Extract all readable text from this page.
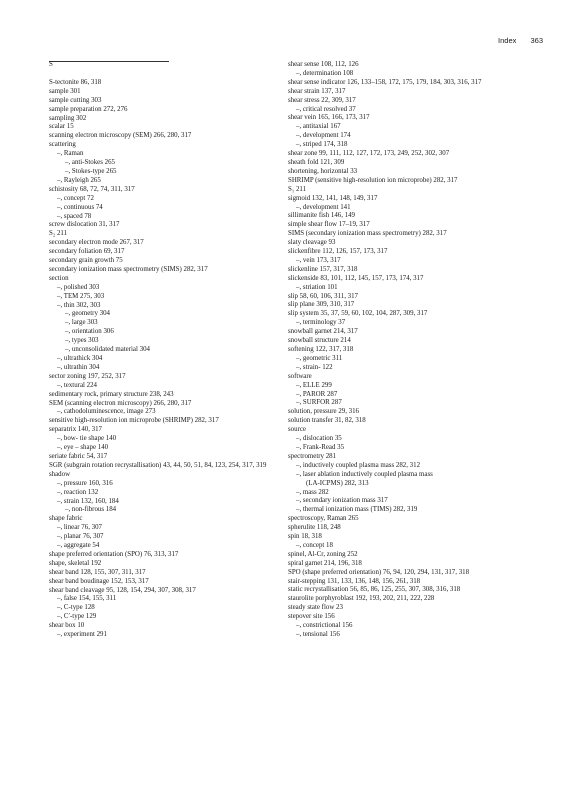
Index 363
S
S-tectonite 86, 318
sample 301
sample cutting 303
sample preparation 272, 276
sampling 302
scalar 15
scanning electron microscopy (SEM) 266, 280, 317
scattering
–, Raman
–, anti-Stokes 265
–, Stokes-type 265
–, Rayleigh 265
schistosity 68, 72, 74, 311, 317
–, concept 72
–, continuous 74
–, spaced 78
screw dislocation 31, 317
S₂ 211
secondary electron mode 267, 317
secondary foliation 69, 317
secondary grain growth 75
secondary ionization mass spectrometry (SIMS) 282, 317
section
–, polished 303
–, TEM 275, 303
–, thin 302, 303
–, geometry 304
–, large 303
–, orientation 306
–, types 303
–, unconsolidated material 304
–, ultrathick 304
–, ultrathin 304
sector zoning 197, 252, 317
–, textural 224
sedimentary rock, primary structure 238, 243
SEM (scanning electron microscopy) 266, 280, 317
–, cathodoluminescence, image 273
sensitive high-resolution ion microprobe (SHRIMP) 282, 317
separatrix 140, 317
–, bow- tie shape 140
–, eye – shape 140
seriate fabric 54, 317
SGR (subgrain rotation recrystallisation) 43, 44, 50, 51, 84, 123, 254, 317, 319
shadow
–, pressure 160, 316
–, reaction 132
–, strain 132, 160, 184
–, non-fibrous 184
shape fabric
–, linear 76, 307
–, planar 76, 307
–, aggregate 54
shape preferred orientation (SPO) 76, 313, 317
shape, skeletal 192
shear band 128, 155, 307, 311, 317
shear band boudinage 152, 153, 317
shear band cleavage 95, 128, 154, 294, 307, 308, 317
–, false 154, 155, 311
–, C-type 128
–, C′-type 129
shear box 10
–, experiment 291
shear sense 108, 112, 126
–, determination 108
shear sense indicator 126, 133–158, 172, 175, 179, 184, 303, 316, 317
shear strain 137, 317
shear stress 22, 309, 317
–, critical resolved 37
shear vein 165, 166, 173, 317
–, antitaxial 167
–, development 174
–, striped 174, 318
shear zone 99, 111, 112, 127, 172, 173, 249, 252, 302, 307
sheath fold 121, 309
shortening, horizontal 33
SHRIMP (sensitive high-resolution ion microprobe) 282, 317
S₁ 211
sigmoid 132, 141, 148, 149, 317
–, development 141
sillimanite fish 146, 149
simple shear flow 17–19, 317
SIMS (secondary ionization mass spectrometry) 282, 317
slaty cleavage 93
slickenfibre 112, 126, 157, 173, 317
–, vein 173, 317
slickenline 157, 317, 318
slickenside 83, 101, 112, 145, 157, 173, 174, 317
–, striation 101
slip 58, 60, 106, 311, 317
slip plane 309, 310, 317
slip system 35, 37, 59, 60, 102, 104, 287, 309, 317
–, terminology 37
snowball garnet 214, 317
snowball structure 214
softening 122, 317, 318
–, geometric 311
–, strain- 122
software
–, ELLE 299
–, PAROR 287
–, SURFOR 287
solution, pressure 29, 316
solution transfer 31, 82, 318
source
–, dislocation 35
–, Frank-Read 35
spectrometry 281
–, inductively coupled plasma mass 282, 312
–, laser ablation inductively coupled plasma mass
(LA-ICPMS) 282, 313
–, mass 282
–, secondary ionization mass 317
–, thermal ionization mass (TIMS) 282, 319
spectroscopy, Raman 265
spherulite 118, 248
spin 18, 318
–, concept 18
spinel, Al-Cr, zoning 252
spiral garnet 214, 196, 318
SPO (shape preferred orientation) 76, 94, 120, 294, 131, 317, 318
stair-stepping 131, 133, 136, 148, 156, 261, 318
static recrystallisation 56, 85, 86, 125, 255, 307, 308, 316, 318
staurolite porphyroblast 192, 193, 202, 211, 222, 228
steady state flow 23
stepover site 156
–, constrictional 156
–, tensional 156
